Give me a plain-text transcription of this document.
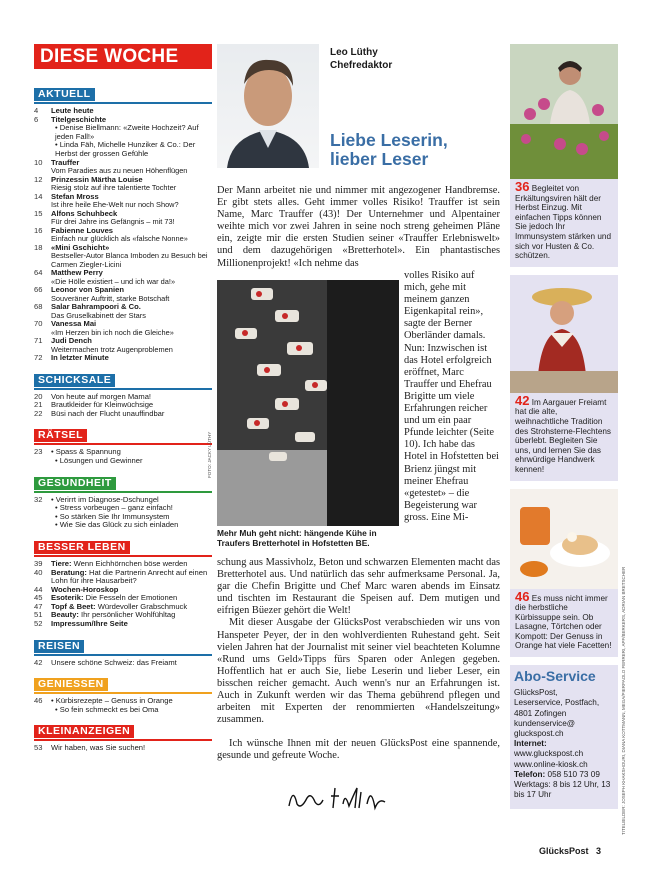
DIESE WOCHE
AKTUELL
4	Leute heute
6	Titelgeschichte
• Denise Biellmann: «Zweite Hochzeit? Auf jeden Fall!»
• Linda Fäh, Michelle Hunziker & Co.: Der Herbst der grossen Gefühle
10	Trauffer
Vom Paradies aus zu neuen Höhenflügen
12	Prinzessin Märtha Louise
Riesig stolz auf ihre talentierte Tochter
14	Stefan Mross
Ist ihre heile Ehe-Welt nur noch Show?
15	Alfons Schuhbeck
Für drei Jahre ins Gefängnis – mit 73!
16	Fabienne Louves
Einfach nur glücklich als «falsche Nonne»
18	«Mini Gschicht»
Bestseller-Autor Blanca Imboden zu Besuch bei Carmen Ziegler-Licini
64	Matthew Perry
«Die Hölle existiert – und ich war da!»
66	Leonor von Spanien
Souveräner Auftritt, starke Botschaft
68	Salar Bahrampoori & Co.
Das Gruselkabinett der Stars
70	Vanessa Mai
«Im Herzen bin ich noch die Gleiche»
71	Judi Dench
Weitermachen trotz Augenproblemen
72	In letzter Minute
SCHICKSALE
20	Von heute auf morgen Mama!
21	Brautkleider für Kleinwüchsige
22	Büsi nach der Flucht unauffindbar
RÄTSEL
23	• Spass & Spannung
• Lösungen und Gewinner
GESUNDHEIT
32	• Verirrt im Diagnose-Dschungel
• Stress vorbeugen – ganz einfach!
• So stärken Sie Ihr Immunsystem
• Wie Sie das Glück zu sich einladen
BESSER LEBEN
39	Tiere: Wenn Eichhörnchen böse werden
40	Beratung: Hat die Partnerin Anrecht auf einen Lohn für ihre Hausarbeit?
44	Wochen-Horoskop
45	Esoterik: Die Fesseln der Emotionen
47	Topf & Beet: Würdevoller Grabschmuck
51	Beauty: Ihr persönlicher Wohlfühltag
52	Impressum/Ihre Seite
REISEN
42	Unsere schöne Schweiz: das Freiamt
GENIESSEN
46	• Kürbisrezepte – Genuss in Orange
• So fein schmeckt es bei Oma
KLEINANZEIGEN
53	Wir haben, was Sie suchen!
Leo Lüthy
Chefredaktor
Liebe Leserin,
lieber Leser
Der Mann arbeitet nie und nimmer mit angezogener Handbremse. Er gibt stets alles. Geht immer volles Risiko! Trauffer ist sein Name, Marc Trauffer (43)! Der Unternehmer und Alpentainer weihte mich vor zwei Jahren in seine noch streng geheimen Pläne ein, zeigte mir die ersten Studien seiner «Trauffer Erlebniswelt» und dem dazugehörigen «Bretterhotel». Ein phantastisches Millionenprojekt! «Ich nehme das
FOTO: JACKY LÜTHY
volles Risiko auf mich, gehe mit meinem ganzen Eigenkapital rein», sagte der Berner Oberländer damals. Nun: Inzwischen ist das Hotel erfolgreich eröffnet, Marc Trauffer und Ehefrau Brigitte um viele Erfahrungen reicher und um ein paar Pfunde leichter (Seite 10). Ich habe das Hotel in Hofstetten bei Brienz jüngst mit meiner Ehefrau «getestet» – die Begeisterung war gross. Eine Mi-
Mehr Muh geht nicht: hängende Kühe in Traufers Bretterhotel in Hofstetten BE.
schung aus Massivholz, Beton und schwarzen Elementen macht das Bretterhotel aus. Und natürlich das sehr aufmerksame Personal. Ja, gar die Chefin Brigitte und Chef Marc waren abends im Einsatz und tischten im Restaurant die Speisen auf. Dem mutigen und eifrigen Büezer gehört die Welt!
Mit dieser Ausgabe der GlücksPost verabschieden wir uns von Hanspeter Peyer, der in den wohlverdienten Ruhestand geht. Seit vielen Jahren hat der Journalist mit seiner viel beachteten Kolumne «Rund ums Geld»Tipps fürs Sparen oder Anlegen gegeben. Hoffentlich hat er auch Sie, liebe Leserin und lieber Leser, ein bisschen reicher gemacht. Auch wenn's nur an Erfahrungen ist. Auch in Zukunft werden wir das Thema gebührend pflegen und arbeiten mit Experten der renommierten «Handelszeitung» zusammen.
Ich wünsche Ihnen mit der neuen GlücksPost eine spannende, gesunde und gefreute Woche.
36 Begleitet von Erkältungsviren hält der Herbst Einzug. Mit einfachen Tipps können Sie jedoch Ihr Immunsystem stärken und sich vor Husten & Co. schützen.
42 Im Aargauer Freiamt hat die alte, weihnachtliche Tradition des Strohsterne-Flechtens überlebt. Begleiten Sie uns, und lernen Sie das ehrwürdige Handwerk kennen!
46 Es muss nicht immer die herbstliche Kürbissuppe sein. Ob Lasagne, Törtchen oder Kompott: Der Genuss in Orange hat viele Facetten!
Abo-Service
GlücksPost,
Leserservice, Postfach,
4801 Zofingen
kundenservice@
gluckspost.ch
Internet:
www.gluckspost.ch
www.online-kiosk.ch
Telefon: 058 510 73 09
Werktags: 8 bis 12 Uhr, 13 bis 17 Uhr	TITELBILDER: JOSEPH KHAKSHOURI, DIANA KOTTMANN, MEGA/PIERPAOLO FERRERI, APF/BERKERS, ADRIAN BRETSCHER
GlücksPost 3
